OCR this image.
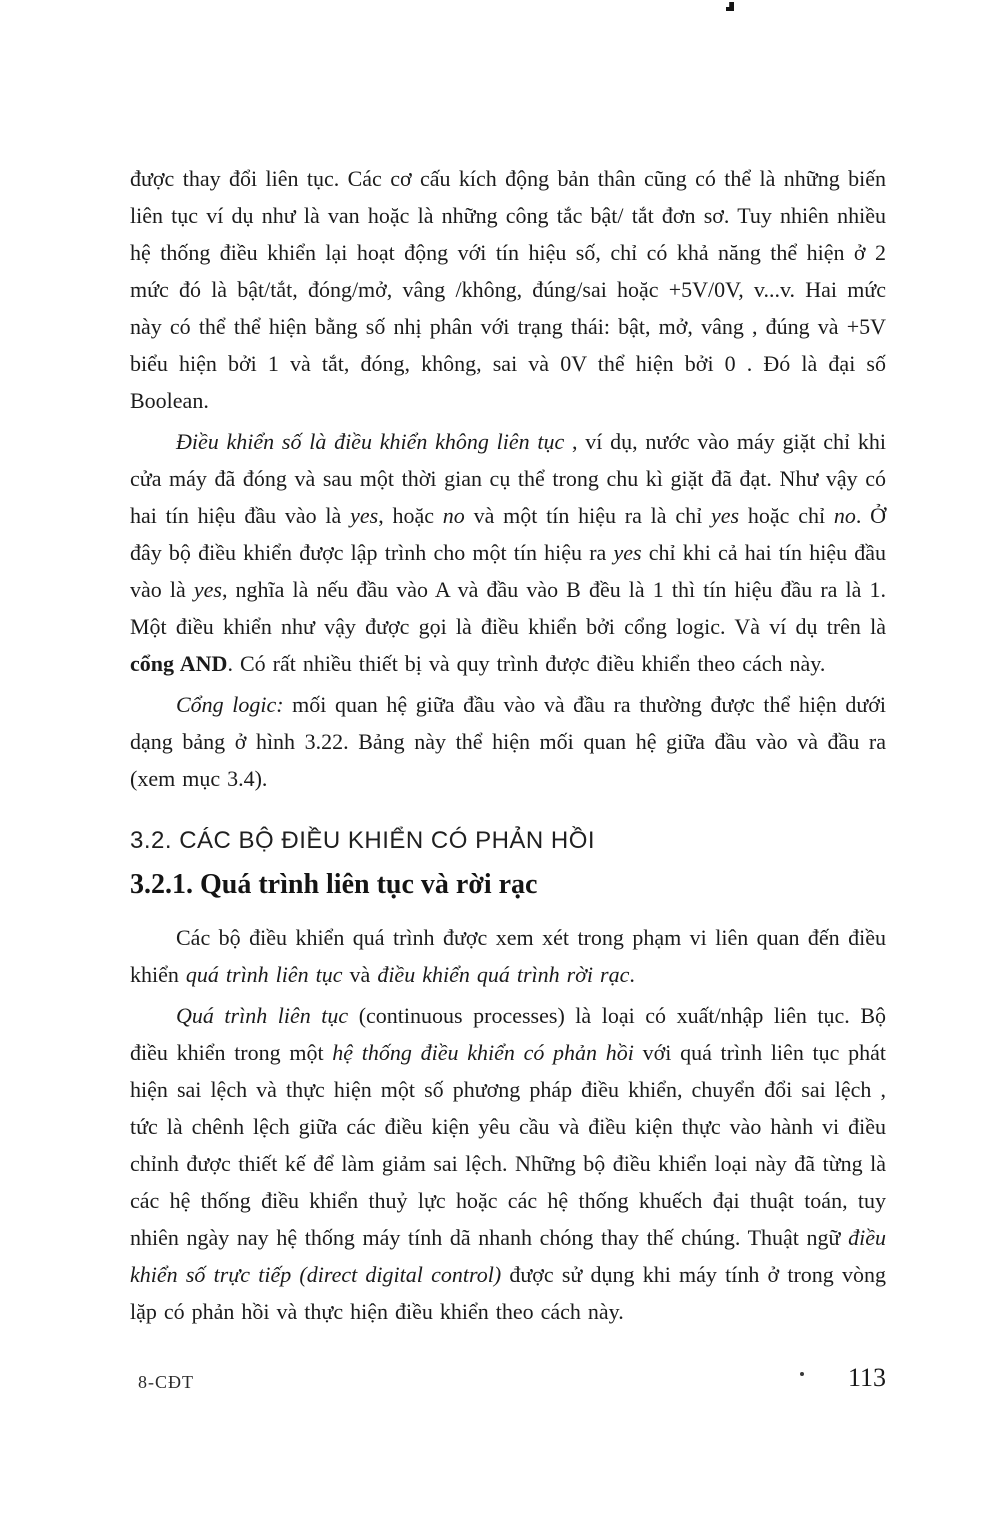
được thay đổi liên tục. Các cơ cấu kích động bản thân cũng có thể là những biến liên tục ví dụ như là van hoặc là những công tắc bật/ tắt đơn sơ. Tuy nhiên nhiều hệ thống điều khiển lại hoạt động với tín hiệu số, chỉ có khả năng thể hiện ở 2 mức đó là bật/tắt, đóng/mở, vâng /không, đúng/sai hoặc +5V/0V, v...v. Hai mức này có thể thể hiện bằng số nhị phân với trạng thái: bật, mở, vâng , đúng và +5V biểu hiện bởi 1 và tắt, đóng, không, sai và 0V thể hiện bởi 0 . Đó là đại số Boolean.

Điều khiển số là điều khiển không liên tục , ví dụ, nước vào máy giặt chỉ khi cửa máy đã đóng và sau một thời gian cụ thể trong chu kì giặt đã đạt. Như vậy có hai tín hiệu đầu vào là yes, hoặc no và một tín hiệu ra là chỉ yes hoặc chỉ no. Ở đây bộ điều khiển được lập trình cho một tín hiệu ra yes chỉ khi cả hai tín hiệu đầu vào là yes, nghĩa là nếu đầu vào A và đầu vào B đều là 1 thì tín hiệu đầu ra là 1. Một điều khiển như vậy được gọi là điều khiển bởi cổng logic. Và ví dụ trên là cổng AND. Có rất nhiều thiết bị và quy trình được điều khiển theo cách này.

Cổng logic: mối quan hệ giữa đầu vào và đầu ra thường được thể hiện dưới dạng bảng ở hình 3.22. Bảng này thể hiện mối quan hệ giữa đầu vào và đầu ra (xem mục 3.4).

3.2. CÁC BỘ ĐIỀU KHIỂN CÓ PHẢN HỒI
3.2.1. Quá trình liên tục và rời rạc

Các bộ điều khiển quá trình được xem xét trong phạm vi liên quan đến điều khiển quá trình liên tục và điều khiển quá trình rời rạc.

Quá trình liên tục (continuous processes) là loại có xuất/nhập liên tục. Bộ điều khiển trong một hệ thống điều khiển có phản hồi với quá trình liên tục phát hiện sai lệch và thực hiện một số phương pháp điều khiển, chuyển đổi sai lệch , tức là chênh lệch giữa các điều kiện yêu cầu và điều kiện thực vào hành vi điều chỉnh được thiết kế để làm giảm sai lệch. Những bộ điều khiển loại này đã từng là các hệ thống điều khiển thuỷ lực hoặc các hệ thống khuếch đại thuật toán, tuy nhiên ngày nay hệ thống máy tính dã nhanh chóng thay thế chúng. Thuật ngữ điều khiển số trực tiếp (direct digital control) được sử dụng khi máy tính ở trong vòng lặp có phản hồi và thực hiện điều khiển theo cách này.

8-CĐT	113
